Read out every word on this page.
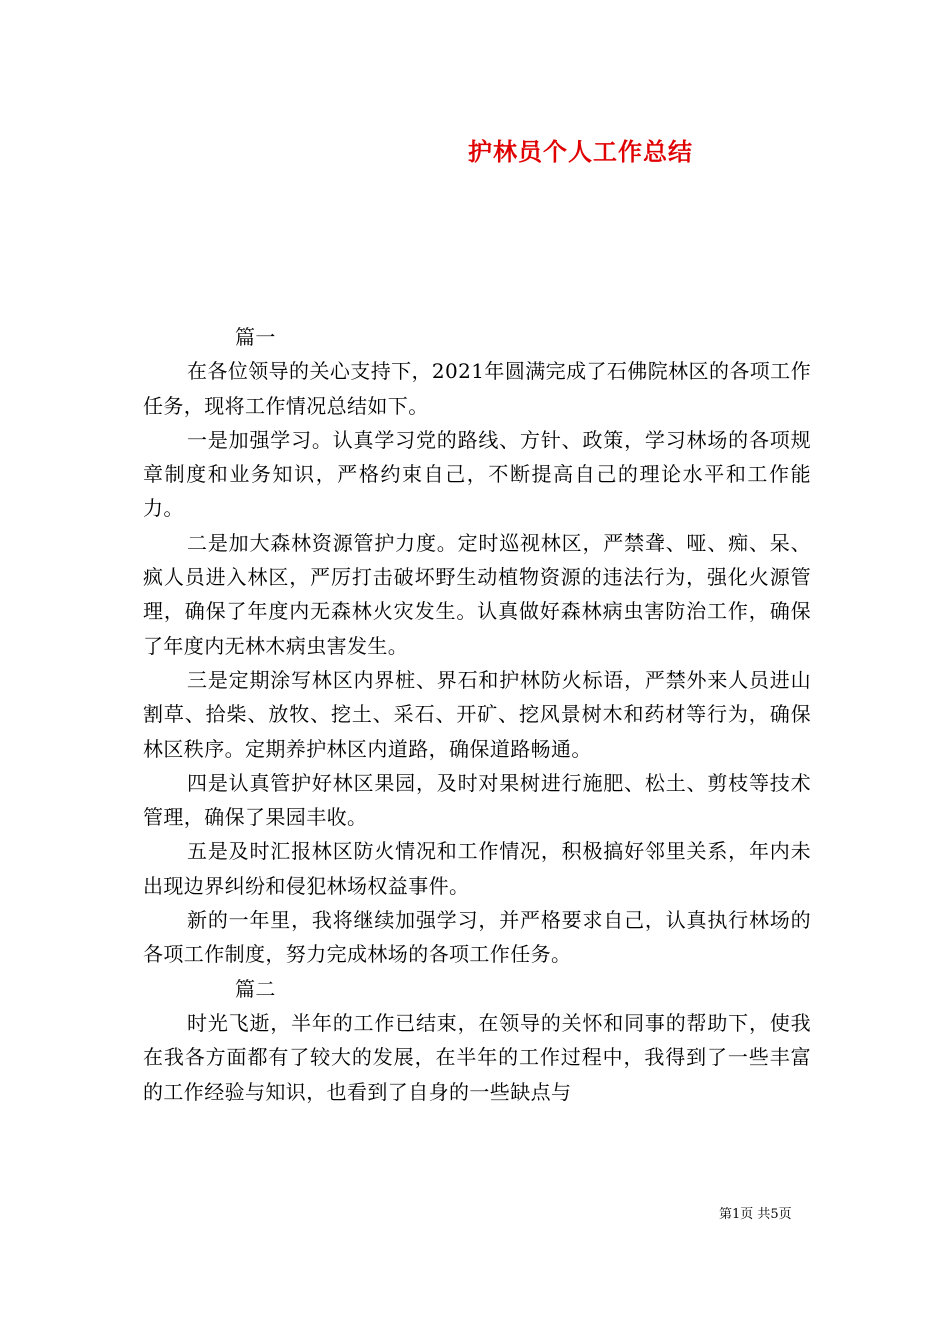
护林员个人工作总结

篇一

在各位领导的关心支持下，2021年圆满完成了石佛院林区的各项工作任务，现将工作情况总结如下。

一是加强学习。认真学习党的路线、方针、政策，学习林场的各项规章制度和业务知识，严格约束自己，不断提高自己的理论水平和工作能力。

二是加大森林资源管护力度。定时巡视林区，严禁聋、哑、痴、呆、疯人员进入林区，严厉打击破坏野生动植物资源的违法行为，强化火源管理，确保了年度内无森林火灾发生。认真做好森林病虫害防治工作，确保了年度内无林木病虫害发生。

三是定期涂写林区内界桩、界石和护林防火标语，严禁外来人员进山割草、拾柴、放牧、挖土、采石、开矿、挖风景树木和药材等行为，确保林区秩序。定期养护林区内道路，确保道路畅通。

四是认真管护好林区果园，及时对果树进行施肥、松土、剪枝等技术管理，确保了果园丰收。

五是及时汇报林区防火情况和工作情况，积极搞好邻里关系，年内未出现边界纠纷和侵犯林场权益事件。

新的一年里，我将继续加强学习，并严格要求自己，认真执行林场的各项工作制度，努力完成林场的各项工作任务。

篇二

时光飞逝，半年的工作已结束，在领导的关怀和同事的帮助下，使我在我各方面都有了较大的发展，在半年的工作过程中，我得到了一些丰富的工作经验与知识，也看到了自身的一些缺点与

第1页 共5页
